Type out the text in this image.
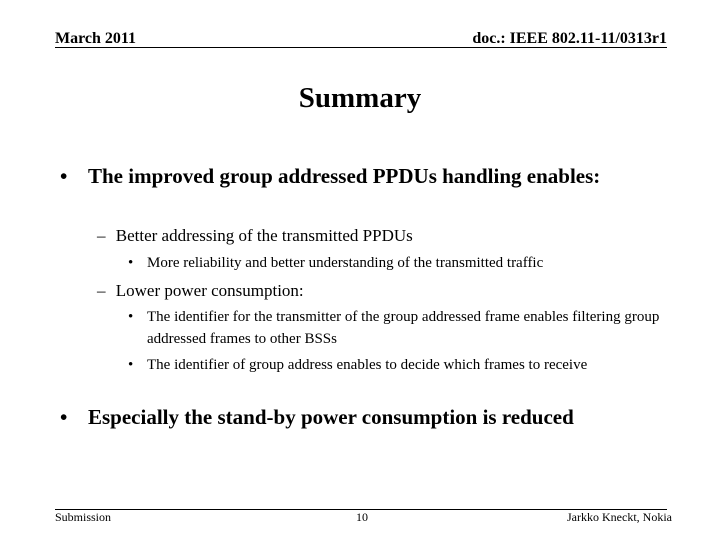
March 2011	doc.: IEEE 802.11-11/0313r1
Summary
• The improved group addressed PPDUs handling enables:
– Better addressing of the transmitted PPDUs
• More reliability and better understanding of the transmitted traffic
– Lower power consumption:
• The identifier for the transmitter of the group addressed frame enables filtering group addressed frames to other BSSs
• The identifier of group address enables to decide which frames to receive
• Especially the stand-by power consumption is reduced
Submission	10	Jarkko Kneckt, Nokia
